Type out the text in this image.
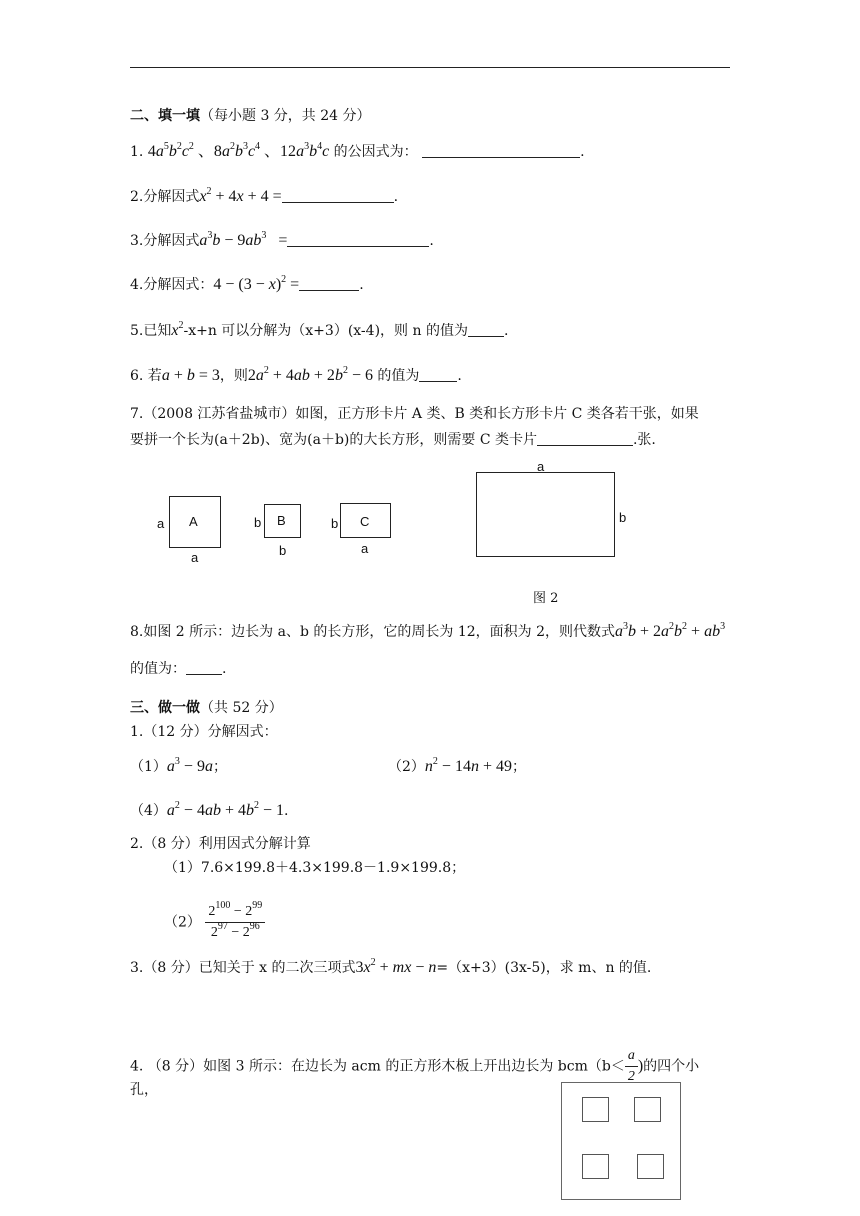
二、填一填（每小题 3 分，共 24 分）
1. $4a^5b^2c^2$ 、$8a^2b^3c^4$ 、$12a^3b^4c$ 的公因式为：	.
2.分解因式$x^2 + 4x + 4$ =	.
3.分解因式$a^3b - 9ab^3$   =	.
4.分解因式：$4 - (3 - x)^2$ =	.
5.已知$x^2-x+n$ 可以分解为（x+3）(x-4)，则 n 的值为	.
6. 若a + b = 3，则$2a^2 + 4ab + 2b^2 - 6$ 的值为	.
7.（2008 江苏省盐城市）如图，正方形卡片 A 类、B 类和长方形卡片 C 类各若干张，如果
要拼一个长为(a＋2b)、宽为(a＋b)的大长方形，则需要 C 类卡片	.张.
A
a
a
B
b
b
C
b
a
a
b
图 2
8.如图 2 所示：边长为 a、b 的长方形，它的周长为 12，面积为 2，则代数式$a^3b + 2a^2b^2 + ab^3$
的值为：	.
三、做一做（共 52 分）
1.（12 分）分解因式：
$(1)a^3 - 9a$；	$(2)n^2 - 14n + 49$；
$(4)a^2 - 4ab + 4b^2 - 1$.
2.（8 分）利用因式分解计算
（1）7.6×199.8＋4.3×199.8－1.9×199.8；
$(2) \frac{2^{100} - 2^{99}}{2^{97} - 2^{96}}$
3.（8 分）已知关于 x 的二次三项式$3x^2$ + mx − n=（x+3）(3x-5)，求 m、n 的值.
4. （8 分）如图 3 所示：在边长为 acm 的正方形木板上开出边长为 $bcm(b< \frac{a}{2}$ )的四个小
孔，
